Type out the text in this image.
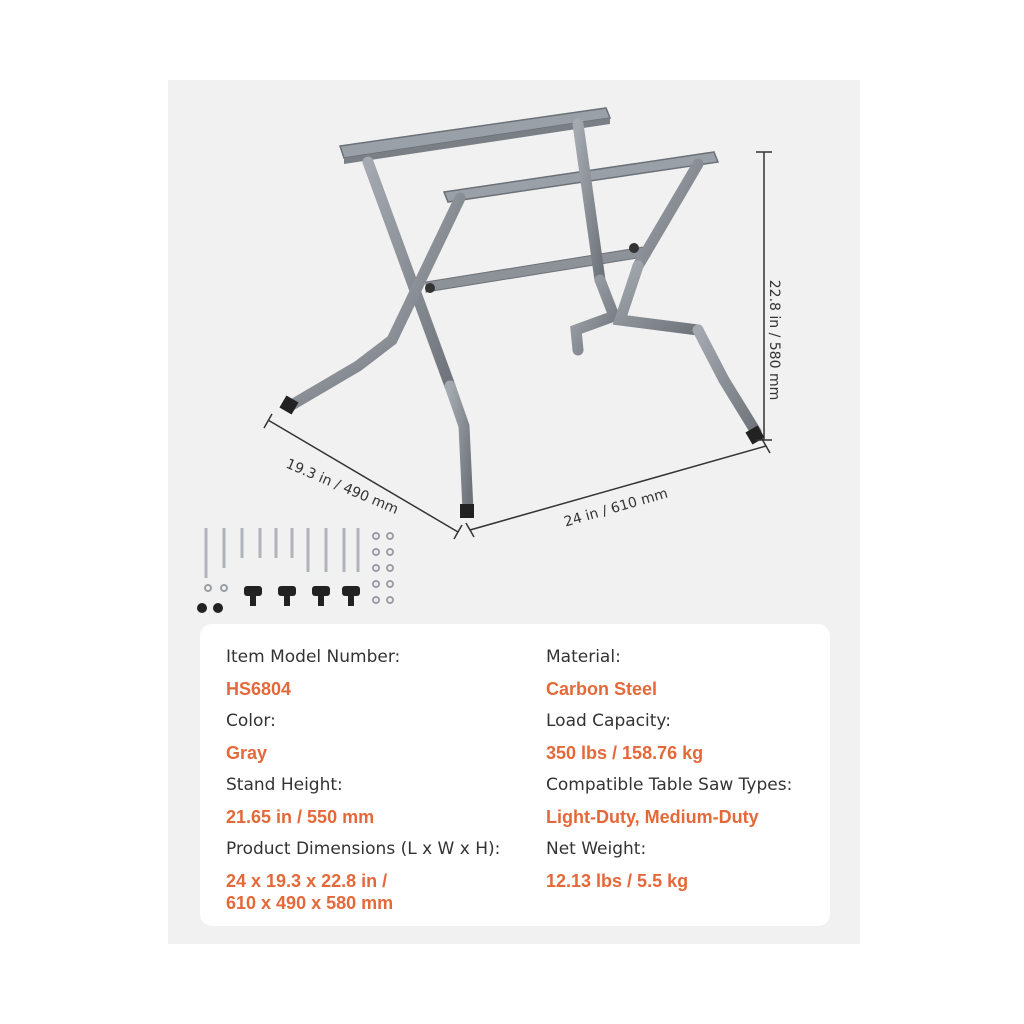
22.8 in / 580 mm
19.3 in / 490 mm	24 in / 610 mm
Item Model Number:
HS6804
Color:
Gray
Stand Height:
21.65 in / 550 mm
Product Dimensions (L x W x H):
24 x 19.3 x 22.8 in /
610 x 490 x 580 mm
Material:
Carbon Steel
Load Capacity:
350 lbs / 158.76 kg
Compatible Table Saw Types:
Light-Duty, Medium-Duty
Net Weight:
12.13 lbs / 5.5 kg
